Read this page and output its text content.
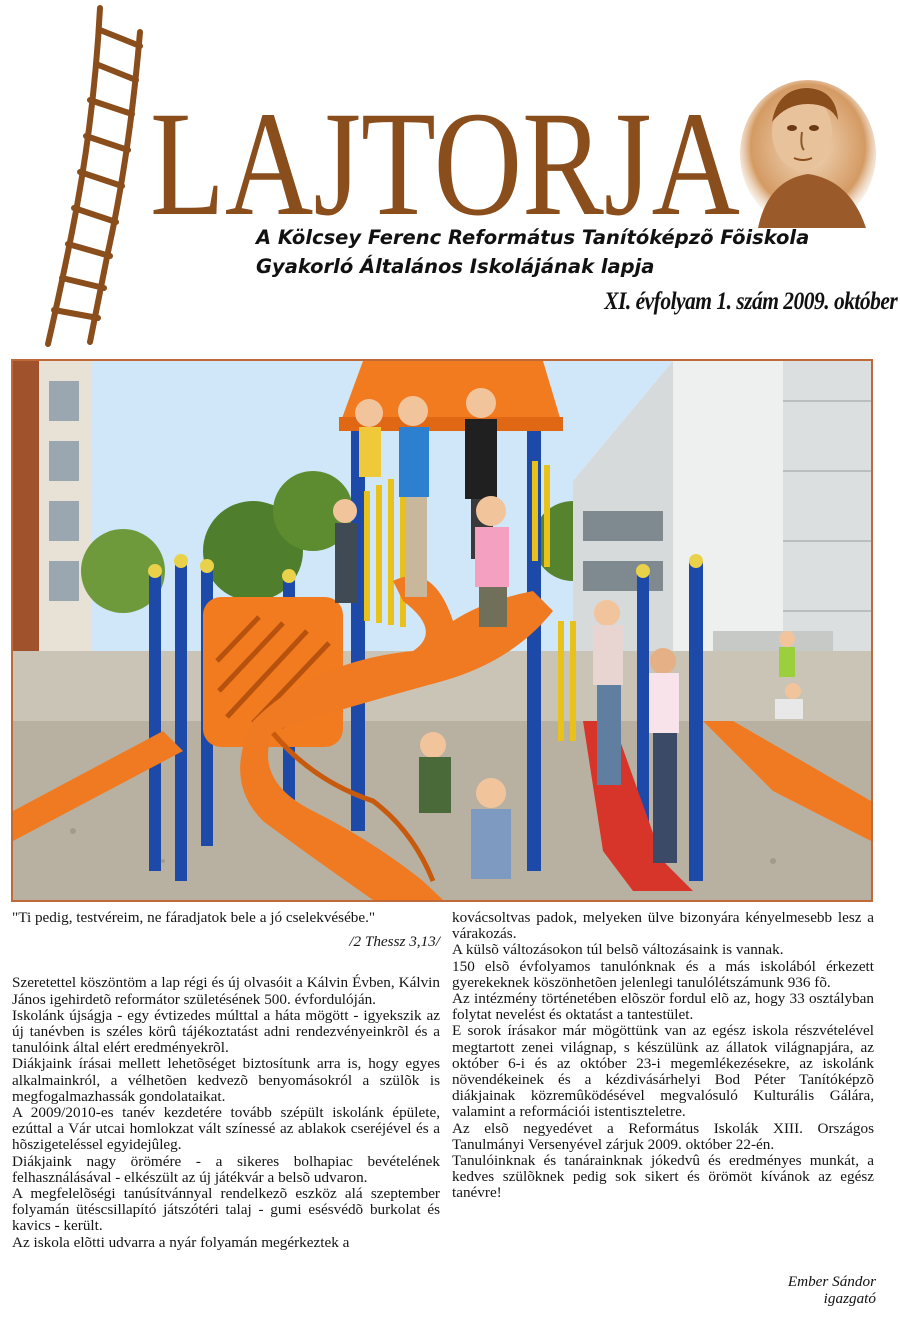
LAJTORJA
A Kölcsey Ferenc Református Tanítóképzõ Fõiskola
Gyakorló Általános Iskolájának lapja
XI. évfolyam 1. szám 2009. október

"Ti pedig, testvéreim, ne fáradjatok bele a jó cselekvésébe."

/2 Thessz 3,13/

Szeretettel köszöntöm a lap régi és új olvasóit a Kálvin Évben, Kálvin János igehirdetõ reformátor születésének 500. évfordulóján.

Iskolánk újságja - egy évtizedes múlttal a háta mögött - igyekszik az új tanévben is széles körû tájékoztatást adni rendezvényeinkrõl és a tanulóink által elért eredményekrõl.

Diákjaink írásai mellett lehetõséget biztosítunk arra is, hogy egyes alkalmainkról, a vélhetõen kedvezõ benyomásokról a szülõk is megfogalmazhassák gondolataikat.

A 2009/2010-es tanév kezdetére tovább szépült iskolánk épülete, ezúttal a Vár utcai homlokzat vált színessé az ablakok cseréjével és a hõszigeteléssel egyidejûleg.

Diákjaink nagy örömére - a sikeres bolhapiac bevételének felhasználásával - elkészült az új játékvár a belsõ udvaron.

A megfelelõségi tanúsítvánnyal rendelkezõ eszköz alá szeptember folyamán ütéscsillapító játszótéri talaj - gumi esésvédõ burkolat és kavics - került.

Az iskola elõtti udvarra a nyár folyamán megérkeztek a

kovácsoltvas padok, melyeken ülve bizonyára kényelmesebb lesz a várakozás.

A külsõ változásokon túl belsõ változásaink is vannak.

150 elsõ évfolyamos tanulónknak és a más iskolából érkezett gyerekeknek köszönhetõen jelenlegi tanulólétszámunk 936 fõ.

Az intézmény történetében elõször fordul elõ az, hogy 33 osztályban folytat nevelést és oktatást a tantestület.

E sorok írásakor már mögöttünk van az egész iskola részvételével megtartott zenei világnap, s készülünk az állatok világnapjára, az október 6-i és az október 23-i megemlékezésekre, az iskolánk növendékeinek és a kézdivásárhelyi Bod Péter Tanítóképzõ diákjainak közremûködésével megvalósuló Kulturális Gálára, valamint a reformációi istentiszteletre.

Az elsõ negyedévet a Református Iskolák XIII. Országos Tanulmányi Versenyével zárjuk 2009. október 22-én.

Tanulóinknak és tanárainknak jókedvû és eredményes munkát, a kedves szülõknek pedig sok sikert és örömöt kívánok az egész tanévre!

Ember Sándor
igazgató
